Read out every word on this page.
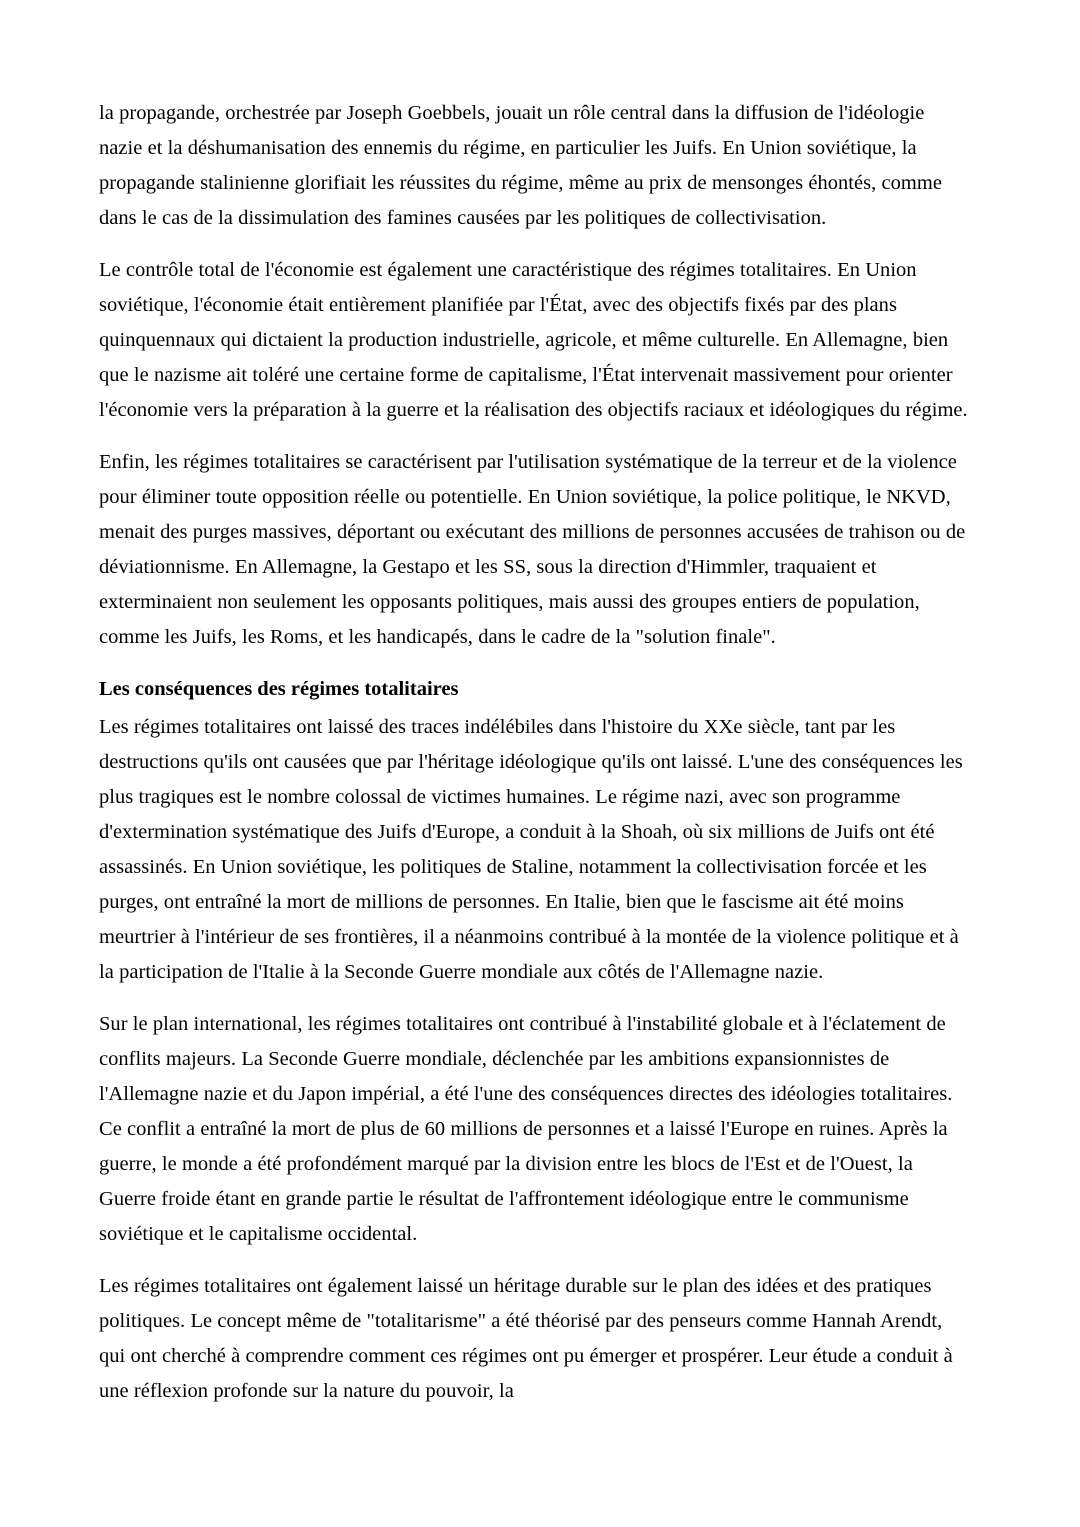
la propagande, orchestrée par Joseph Goebbels, jouait un rôle central dans la diffusion de l'idéologie nazie et la déshumanisation des ennemis du régime, en particulier les Juifs. En Union soviétique, la propagande stalinienne glorifiait les réussites du régime, même au prix de mensonges éhontés, comme dans le cas de la dissimulation des famines causées par les politiques de collectivisation.

Le contrôle total de l'économie est également une caractéristique des régimes totalitaires. En Union soviétique, l'économie était entièrement planifiée par l'État, avec des objectifs fixés par des plans quinquennaux qui dictaient la production industrielle, agricole, et même culturelle. En Allemagne, bien que le nazisme ait toléré une certaine forme de capitalisme, l'État intervenait massivement pour orienter l'économie vers la préparation à la guerre et la réalisation des objectifs raciaux et idéologiques du régime.

Enfin, les régimes totalitaires se caractérisent par l'utilisation systématique de la terreur et de la violence pour éliminer toute opposition réelle ou potentielle. En Union soviétique, la police politique, le NKVD, menait des purges massives, déportant ou exécutant des millions de personnes accusées de trahison ou de déviationnisme. En Allemagne, la Gestapo et les SS, sous la direction d'Himmler, traquaient et exterminaient non seulement les opposants politiques, mais aussi des groupes entiers de population, comme les Juifs, les Roms, et les handicapés, dans le cadre de la "solution finale".

Les conséquences des régimes totalitaires

Les régimes totalitaires ont laissé des traces indélébiles dans l'histoire du XXe siècle, tant par les destructions qu'ils ont causées que par l'héritage idéologique qu'ils ont laissé. L'une des conséquences les plus tragiques est le nombre colossal de victimes humaines. Le régime nazi, avec son programme d'extermination systématique des Juifs d'Europe, a conduit à la Shoah, où six millions de Juifs ont été assassinés. En Union soviétique, les politiques de Staline, notamment la collectivisation forcée et les purges, ont entraîné la mort de millions de personnes. En Italie, bien que le fascisme ait été moins meurtrier à l'intérieur de ses frontières, il a néanmoins contribué à la montée de la violence politique et à la participation de l'Italie à la Seconde Guerre mondiale aux côtés de l'Allemagne nazie.

Sur le plan international, les régimes totalitaires ont contribué à l'instabilité globale et à l'éclatement de conflits majeurs. La Seconde Guerre mondiale, déclenchée par les ambitions expansionnistes de l'Allemagne nazie et du Japon impérial, a été l'une des conséquences directes des idéologies totalitaires. Ce conflit a entraîné la mort de plus de 60 millions de personnes et a laissé l'Europe en ruines. Après la guerre, le monde a été profondément marqué par la division entre les blocs de l'Est et de l'Ouest, la Guerre froide étant en grande partie le résultat de l'affrontement idéologique entre le communisme soviétique et le capitalisme occidental.

Les régimes totalitaires ont également laissé un héritage durable sur le plan des idées et des pratiques politiques. Le concept même de "totalitarisme" a été théorisé par des penseurs comme Hannah Arendt, qui ont cherché à comprendre comment ces régimes ont pu émerger et prospérer. Leur étude a conduit à une réflexion profonde sur la nature du pouvoir, la
